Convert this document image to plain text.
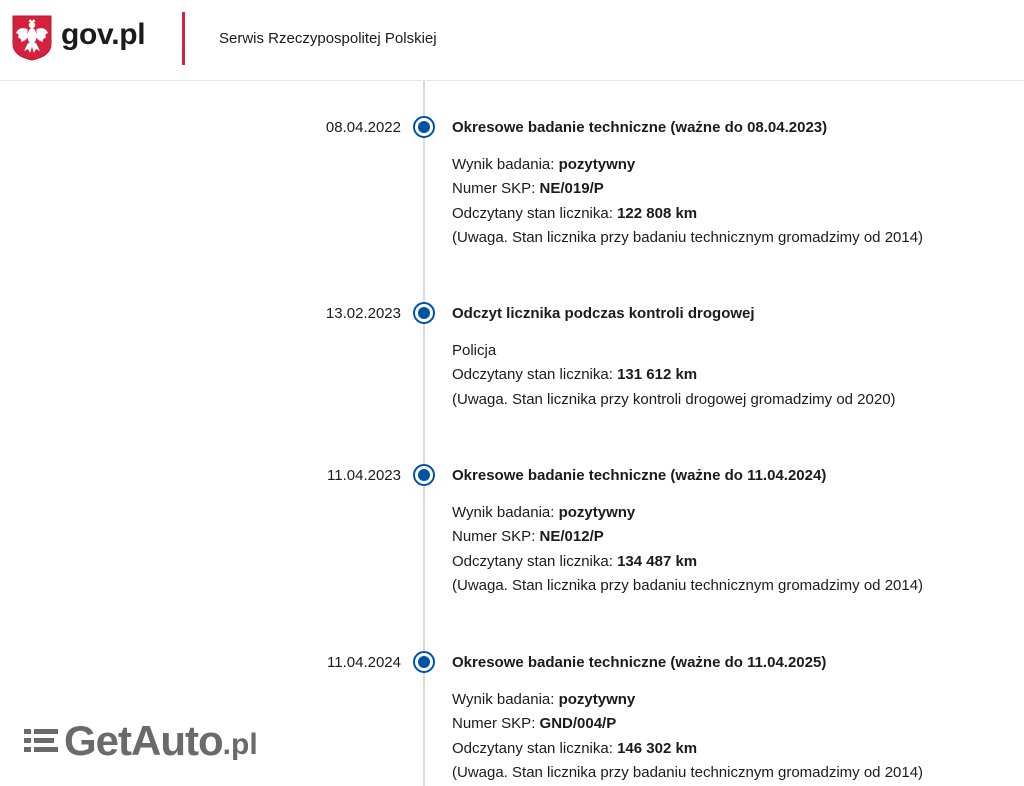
gov.pl	Serwis Rzeczypospolitej Polskiej
08.04.2022	Okresowe badanie techniczne (ważne do 08.04.2023)
Wynik badania: pozytywny
Numer SKP: NE/019/P
Odczytany stan licznika: 122 808 km
(Uwaga. Stan licznika przy badaniu technicznym gromadzimy od 2014)
13.02.2023	Odczyt licznika podczas kontroli drogowej
Policja
Odczytany stan licznika: 131 612 km
(Uwaga. Stan licznika przy kontroli drogowej gromadzimy od 2020)
11.04.2023	Okresowe badanie techniczne (ważne do 11.04.2024)
Wynik badania: pozytywny
Numer SKP: NE/012/P
Odczytany stan licznika: 134 487 km
(Uwaga. Stan licznika przy badaniu technicznym gromadzimy od 2014)
11.04.2024	Okresowe badanie techniczne (ważne do 11.04.2025)
Wynik badania: pozytywny
Numer SKP: GND/004/P
Odczytany stan licznika: 146 302 km
(Uwaga. Stan licznika przy badaniu technicznym gromadzimy od 2014)
GetAuto .pl
